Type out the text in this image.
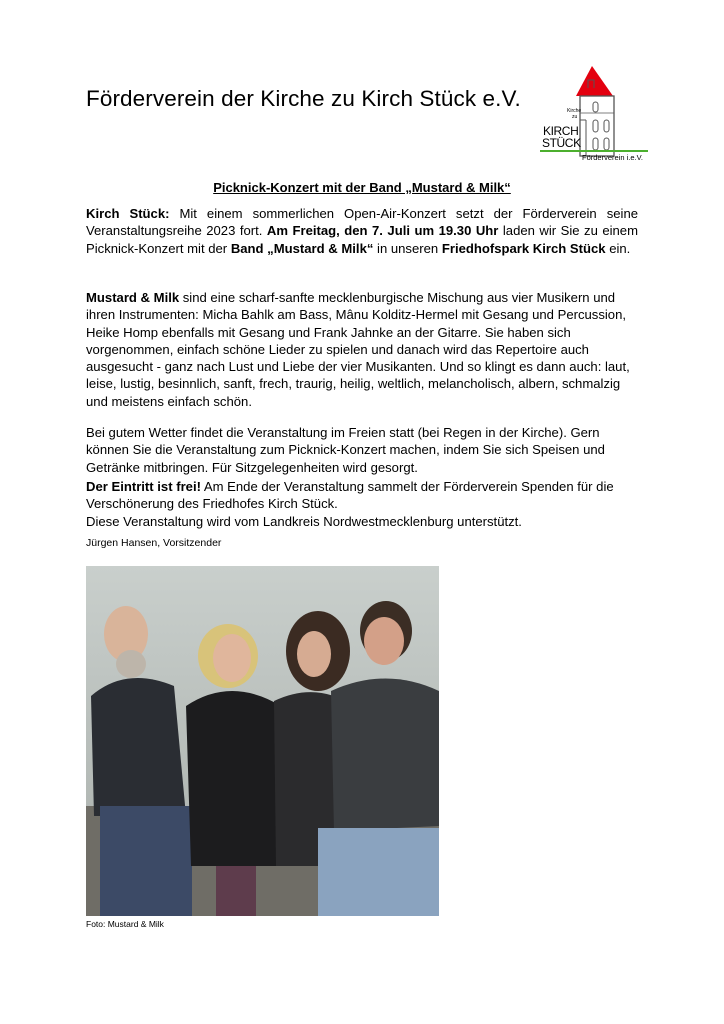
Förderverein der Kirche zu Kirch Stück e.V.	Kirche
zu
KIRCH
STÜCK
Förderverein i.e.V.
Picknick-Konzert mit der Band „Mustard & Milk“
Kirch Stück: Mit einem sommerlichen Open-Air-Konzert setzt der Förderverein seine Veranstaltungsreihe 2023 fort. Am Freitag, den 7. Juli um 19.30 Uhr laden wir Sie zu einem Picknick-Konzert mit der Band „Mustard & Milk“ in unseren Friedhofspark Kirch Stück ein.
Mustard & Milk sind eine scharf-sanfte mecklenburgische Mischung aus vier Musikern und ihren Instrumenten: Micha Bahlk am Bass, Mânu Kolditz-Hermel mit Gesang und Percussion, Heike Homp ebenfalls mit Gesang und Frank Jahnke an der Gitarre. Sie haben sich vorgenommen, einfach schöne Lieder zu spielen und danach wird das Repertoire auch ausgesucht - ganz nach Lust und Liebe der vier Musikanten. Und so klingt es dann auch: laut, leise, lustig, besinnlich, sanft, frech, traurig, heilig, weltlich, melancholisch, albern, schmalzig und meistens einfach schön.
Bei gutem Wetter findet die Veranstaltung im Freien statt (bei Regen in der Kirche). Gern können Sie die Veranstaltung zum Picknick-Konzert machen, indem Sie sich Speisen und Getränke mitbringen. Für Sitzgelegenheiten wird gesorgt.
Der Eintritt ist frei! Am Ende der Veranstaltung sammelt der Förderverein Spenden für die Verschönerung des Friedhofes Kirch Stück.
Diese Veranstaltung wird vom Landkreis Nordwestmecklenburg unterstützt.
Jürgen Hansen, Vorsitzender
Foto: Mustard & Milk
